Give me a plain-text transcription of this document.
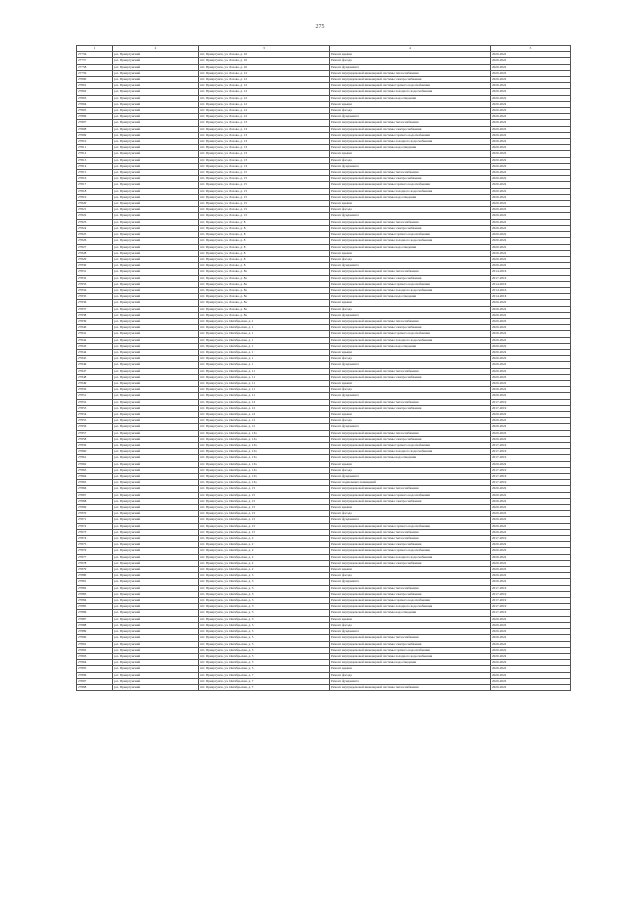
275
1	2	3	4	5
27756	р.п. Приаргунский	пгт. Приаргунск, ул. Лазова, д. 10	Ремонт крыши	2020-2022
27757	р.п. Приаргунский	пгт. Приаргунск, ул. Лазова, д. 10	Ремонт фасада	2020-2022
27758	р.п. Приаргунский	пгт. Приаргунск, ул. Лазова, д. 10	Ремонт фундамента	2020-2022
27759	р.п. Приаргунский	пгт. Приаргунск, ул. Лазова, д. 12	Ремонт внутридомовой инженерной системы теплоснабжения	2020-2022
27800	р.п. Приаргунский	пгт. Приаргунск, ул. Лазова, д. 12	Ремонт внутридомовой инженерной системы электроснабжения	2020-2022
27801	р.п. Приаргунский	пгт. Приаргунск, ул. Лазова, д. 12	Ремонт внутридомовой инженерной системы горячего водоснабжения	2020-2022
27802	р.п. Приаргунский	пгт. Приаргунск, ул. Лазова, д. 12	Ремонт внутридомовой инженерной системы холодного водоснабжения	2020-2022
27803	р.п. Приаргунский	пгт. Приаргунск, ул. Лазова, д. 12	Ремонт внутридомовой инженерной системы водоотведения	2020-2022
27804	р.п. Приаргунский	пгт. Приаргунск, ул. Лазова, д. 12	Ремонт крыши	2020-2022
27805	р.п. Приаргунский	пгт. Приаргунск, ул. Лазова, д. 12	Ремонт фасада	2020-2022
27806	р.п. Приаргунский	пгт. Приаргунск, ул. Лазова, д. 12	Ремонт фундамента	2020-2022
27807	р.п. Приаргунский	пгт. Приаргунск, ул. Лазова, д. 13	Ремонт внутридомовой инженерной системы теплоснабжения	2020-2022
27808	р.п. Приаргунский	пгт. Приаргунск, ул. Лазова, д. 13	Ремонт внутридомовой инженерной системы электроснабжения	2020-2022
27809	р.п. Приаргунский	пгт. Приаргунск, ул. Лазова, д. 13	Ремонт внутридомовой инженерной системы горячего водоснабжения	2020-2022
27810	р.п. Приаргунский	пгт. Приаргунск, ул. Лазова, д. 13	Ремонт внутридомовой инженерной системы холодного водоснабжения	2020-2022
27811	р.п. Приаргунский	пгт. Приаргунск, ул. Лазова, д. 13	Ремонт внутридомовой инженерной системы водоотведения	2020-2022
27812	р.п. Приаргунский	пгт. Приаргунск, ул. Лазова, д. 13	Ремонт крыши	2020-2022
27813	р.п. Приаргунский	пгт. Приаргунск, ул. Лазова, д. 13	Ремонт фасада	2020-2022
27814	р.п. Приаргунский	пгт. Приаргунск, ул. Лазова, д. 13	Ремонт фундамента	2020-2022
27815	р.п. Приаргунский	пгт. Приаргунск, ул. Лазова, д. 15	Ремонт внутридомовой инженерной системы теплоснабжения	2020-2022
27816	р.п. Приаргунский	пгт. Приаргунск, ул. Лазова, д. 15	Ремонт внутридомовой инженерной системы электроснабжения	2020-2022
27817	р.п. Приаргунский	пгт. Приаргунск, ул. Лазова, д. 15	Ремонт внутридомовой инженерной системы горячего водоснабжения	2020-2022
27818	р.п. Приаргунский	пгт. Приаргунск, ул. Лазова, д. 15	Ремонт внутридомовой инженерной системы холодного водоснабжения	2020-2022
27819	р.п. Приаргунский	пгт. Приаргунск, ул. Лазова, д. 15	Ремонт внутридомовой инженерной системы водоотведения	2020-2022
27820	р.п. Приаргунский	пгт. Приаргунск, ул. Лазова, д. 15	Ремонт крыши	2020-2022
27821	р.п. Приаргунский	пгт. Приаргунск, ул. Лазова, д. 15	Ремонт фасада	2020-2022
27822	р.п. Приаргунский	пгт. Приаргунск, ул. Лазова, д. 15	Ремонт фундамента	2020-2022
27823	р.п. Приаргунский	пгт. Приаргунск, ул. Лазова, д. 8	Ремонт внутридомовой инженерной системы теплоснабжения	2020-2022
27824	р.п. Приаргунский	пгт. Приаргунск, ул. Лазова, д. 8	Ремонт внутридомовой инженерной системы электроснабжения	2020-2022
27825	р.п. Приаргунский	пгт. Приаргунск, ул. Лазова, д. 8	Ремонт внутридомовой инженерной системы горячего водоснабжения	2020-2022
27826	р.п. Приаргунский	пгт. Приаргунск, ул. Лазова, д. 8	Ремонт внутридомовой инженерной системы холодного водоснабжения	2020-2022
27827	р.п. Приаргунский	пгт. Приаргунск, ул. Лазова, д. 8	Ремонт внутридомовой инженерной системы водоотведения	2020-2022
27828	р.п. Приаргунский	пгт. Приаргунск, ул. Лазова, д. 8	Ремонт крыши	2020-2022
27829	р.п. Приаргунский	пгт. Приаргунск, ул. Лазова, д. 8	Ремонт фасада	2020-2022
27830	р.п. Приаргунский	пгт. Приаргунск, ул. Лазова, д. 8	Ремонт фундамента	2020-2022
27831	р.п. Приаргунский	пгт. Приаргунск, ул. Лазова, д. 8а	Ремонт внутридомовой инженерной системы теплоснабжения	2014-2016
27832	р.п. Приаргунский	пгт. Приаргунск, ул. Лазова, д. 8а	Ремонт внутридомовой инженерной системы электроснабжения	2017-2019
27833	р.п. Приаргунский	пгт. Приаргунск, ул. Лазова, д. 8а	Ремонт внутридомовой инженерной системы горячего водоснабжения	2014-2016
27834	р.п. Приаргунский	пгт. Приаргунск, ул. Лазова, д. 8а	Ремонт внутридомовой инженерной системы холодного водоснабжения	2014-2016
27835	р.п. Приаргунский	пгт. Приаргунск, ул. Лазова, д. 8а	Ремонт внутридомовой инженерной системы водоотведения	2014-2016
27836	р.п. Приаргунский	пгт. Приаргунск, ул. Лазова, д. 8а	Ремонт крыши	2020-2022
27837	р.п. Приаргунский	пгт. Приаргунск, ул. Лазова, д. 8а	Ремонт фасада	2020-2022
27838	р.п. Приаргунский	пгт. Приаргунск, ул. Лазова, д. 8а	Ремонт фундамента	2020-2022
27839	р.п. Приаргунский	пгт. Приаргунск, ул. Октябрьская, д. 1	Ремонт внутридомовой инженерной системы теплоснабжения	2020-2022
27840	р.п. Приаргунский	пгт. Приаргунск, ул. Октябрьская, д. 1	Ремонт внутридомовой инженерной системы электроснабжения	2020-2022
27841	р.п. Приаргунский	пгт. Приаргунск, ул. Октябрьская, д. 1	Ремонт внутридомовой инженерной системы горячего водоснабжения	2020-2022
27842	р.п. Приаргунский	пгт. Приаргунск, ул. Октябрьская, д. 1	Ремонт внутридомовой инженерной системы холодного водоснабжения	2020-2022
27843	р.п. Приаргунский	пгт. Приаргунск, ул. Октябрьская, д. 1	Ремонт внутридомовой инженерной системы водоотведения	2020-2022
27844	р.п. Приаргунский	пгт. Приаргунск, ул. Октябрьская, д. 1	Ремонт крыши	2020-2022
27845	р.п. Приаргунский	пгт. Приаргунск, ул. Октябрьская, д. 1	Ремонт фасада	2020-2022
27846	р.п. Приаргунский	пгт. Приаргунск, ул. Октябрьская, д. 1	Ремонт фундамента	2020-2022
27847	р.п. Приаргунский	пгт. Приаргунск, ул. Октябрьская, д. 11	Ремонт внутридомовой инженерной системы теплоснабжения	2020-2022
27848	р.п. Приаргунский	пгт. Приаргунск, ул. Октябрьская, д. 11	Ремонт внутридомовой инженерной системы электроснабжения	2020-2022
27849	р.п. Приаргунский	пгт. Приаргунск, ул. Октябрьская, д. 11	Ремонт крыши	2020-2022
27850	р.п. Приаргунский	пгт. Приаргунск, ул. Октябрьская, д. 11	Ремонт фасада	2020-2022
27851	р.п. Приаргунский	пгт. Приаргунск, ул. Октябрьская, д. 11	Ремонт фундамента	2020-2022
27852	р.п. Приаргунский	пгт. Приаргунск, ул. Октябрьская, д. 12	Ремонт внутридомовой инженерной системы теплоснабжения	2017-2019
27853	р.п. Приаргунский	пгт. Приаргунск, ул. Октябрьская, д. 12	Ремонт внутридомовой инженерной системы электроснабжения	2017-2019
27854	р.п. Приаргунский	пгт. Приаргунск, ул. Октябрьская, д. 12	Ремонт крыши	2020-2022
27855	р.п. Приаргунский	пгт. Приаргунск, ул. Октябрьская, д. 12	Ремонт фасада	2020-2022
27856	р.п. Приаргунский	пгт. Приаргунск, ул. Октябрьская, д. 12	Ремонт фундамента	2020-2022
27857	р.п. Приаргунский	пгт. Приаргунск, ул. Октябрьская, д. 13а	Ремонт внутридомовой инженерной системы теплоснабжения	2020-2022
27858	р.п. Приаргунский	пгт. Приаргунск, ул. Октябрьская, д. 13а	Ремонт внутридомовой инженерной системы электроснабжения	2020-2022
27859	р.п. Приаргунский	пгт. Приаргунск, ул. Октябрьская, д. 13а	Ремонт внутридомовой инженерной системы горячего водоснабжения	2017-2019
27860	р.п. Приаргунский	пгт. Приаргунск, ул. Октябрьская, д. 13а	Ремонт внутридомовой инженерной системы холодного водоснабжения	2017-2019
27861	р.п. Приаргунский	пгт. Приаргунск, ул. Октябрьская, д. 13а	Ремонт внутридомовой инженерной системы водоотведения	2017-2019
27862	р.п. Приаргунский	пгт. Приаргунск, ул. Октябрьская, д. 13а	Ремонт крыши	2020-2022
27863	р.п. Приаргунский	пгт. Приаргунск, ул. Октябрьская, д. 13а	Ремонт фасада	2017-2019
27864	р.п. Приаргунский	пгт. Приаргунск, ул. Октябрьская, д. 13а	Ремонт фундамента	2017-2019
27865	р.п. Приаргунский	пгт. Приаргунск, ул. Октябрьская, д. 13а	Ремонт подвальных помещений	2017-2019
27866	р.п. Приаргунский	пгт. Приаргунск, ул. Октябрьская, д. 15	Ремонт внутридомовой инженерной системы теплоснабжения	2020-2022
27867	р.п. Приаргунский	пгт. Приаргунск, ул. Октябрьская, д. 15	Ремонт внутридомовой инженерной системы горячего водоснабжения	2020-2022
27868	р.п. Приаргунский	пгт. Приаргунск, ул. Октябрьская, д. 15	Ремонт внутридомовой инженерной системы электроснабжения	2020-2022
27869	р.п. Приаргунский	пгт. Приаргунск, ул. Октябрьская, д. 15	Ремонт крыши	2020-2022
27870	р.п. Приаргунский	пгт. Приаргунск, ул. Октябрьская, д. 15	Ремонт фасада	2020-2022
27871	р.п. Приаргунский	пгт. Приаргунск, ул. Октябрьская, д. 15	Ремонт фундамента	2020-2022
27872	р.п. Приаргунский	пгт. Приаргунск, ул. Октябрьская, д. 15	Ремонт внутридомовой инженерной системы горячего водоснабжения	2020-2022
27873	р.п. Приаргунский	пгт. Приаргунск, ул. Октябрьская, д. 15	Ремонт внутридомовой инженерной системы теплоснабжения	2020-2022
27874	р.п. Приаргунский	пгт. Приаргунск, ул. Октябрьская, д. 2	Ремонт внутридомовой инженерной системы теплоснабжения	2017-2019
27875	р.п. Приаргунский	пгт. Приаргунск, ул. Октябрьская, д. 2	Ремонт внутридомовой инженерной системы электроснабжения	2020-2022
27876	р.п. Приаргунский	пгт. Приаргунск, ул. Октябрьская, д. 2	Ремонт внутридомовой инженерной системы горячего водоснабжения	2020-2022
27877	р.п. Приаргунский	пгт. Приаргунск, ул. Октябрьская, д. 2	Ремонт внутридомовой инженерной системы холодного водоснабжения	2020-2022
27878	р.п. Приаргунский	пгт. Приаргунск, ул. Октябрьская, д. 2	Ремонт внутридомовой инженерной системы электроснабжения	2020-2022
27879	р.п. Приаргунский	пгт. Приаргунск, ул. Октябрьская, д. 2	Ремонт крыши	2020-2022
27880	р.п. Приаргунский	пгт. Приаргунск, ул. Октябрьская, д. 3	Ремонт фасада	2020-2022
27881	р.п. Приаргунский	пгт. Приаргунск, ул. Октябрьская, д. 3	Ремонт фундамента	2020-2022
27882	р.п. Приаргунский	пгт. Приаргунск, ул. Октябрьская, д. 3	Ремонт внутридомовой инженерной системы теплоснабжения	2017-2019
27883	р.п. Приаргунский	пгт. Приаргунск, ул. Октябрьская, д. 3	Ремонт внутридомовой инженерной системы электроснабжения	2017-2019
27884	р.п. Приаргунский	пгт. Приаргунск, ул. Октябрьская, д. 3	Ремонт внутридомовой инженерной системы горячего водоснабжения	2017-2019
27885	р.п. Приаргунский	пгт. Приаргунск, ул. Октябрьская, д. 3	Ремонт внутридомовой инженерной системы холодного водоснабжения	2017-2019
27886	р.п. Приаргунский	пгт. Приаргунск, ул. Октябрьская, д. 3	Ремонт внутридомовой инженерной системы водоотведения	2017-2019
27887	р.п. Приаргунский	пгт. Приаргунск, ул. Октябрьская, д. 3	Ремонт крыши	2020-2022
27888	р.п. Приаргунский	пгт. Приаргунск, ул. Октябрьская, д. 5	Ремонт фасада	2020-2022
27889	р.п. Приаргунский	пгт. Приаргунск, ул. Октябрьская, д. 5	Ремонт фундамента	2020-2022
27890	р.п. Приаргунский	пгт. Приаргунск, ул. Октябрьская, д. 5	Ремонт внутридомовой инженерной системы теплоснабжения	2020-2022
27891	р.п. Приаргунский	пгт. Приаргунск, ул. Октябрьская, д. 5	Ремонт внутридомовой инженерной системы электроснабжения	2020-2022
27892	р.п. Приаргунский	пгт. Приаргунск, ул. Октябрьская, д. 5	Ремонт внутридомовой инженерной системы горячего водоснабжения	2020-2022
27893	р.п. Приаргунский	пгт. Приаргунск, ул. Октябрьская, д. 5	Ремонт внутридомовой инженерной системы холодного водоснабжения	2020-2022
27894	р.п. Приаргунский	пгт. Приаргунск, ул. Октябрьская, д. 5	Ремонт внутридомовой инженерной системы водоотведения	2020-2022
27895	р.п. Приаргунский	пгт. Приаргунск, ул. Октябрьская, д. 5	Ремонт крыши	2020-2022
27896	р.п. Приаргунский	пгт. Приаргунск, ул. Октябрьская, д. 7	Ремонт фасада	2020-2022
27897	р.п. Приаргунский	пгт. Приаргунск, ул. Октябрьская, д. 7	Ремонт фундамента	2020-2022
27898	р.п. Приаргунский	пгт. Приаргунск, ул. Октябрьская, д. 7	Ремонт внутридомовой инженерной системы теплоснабжения	2020-2022
